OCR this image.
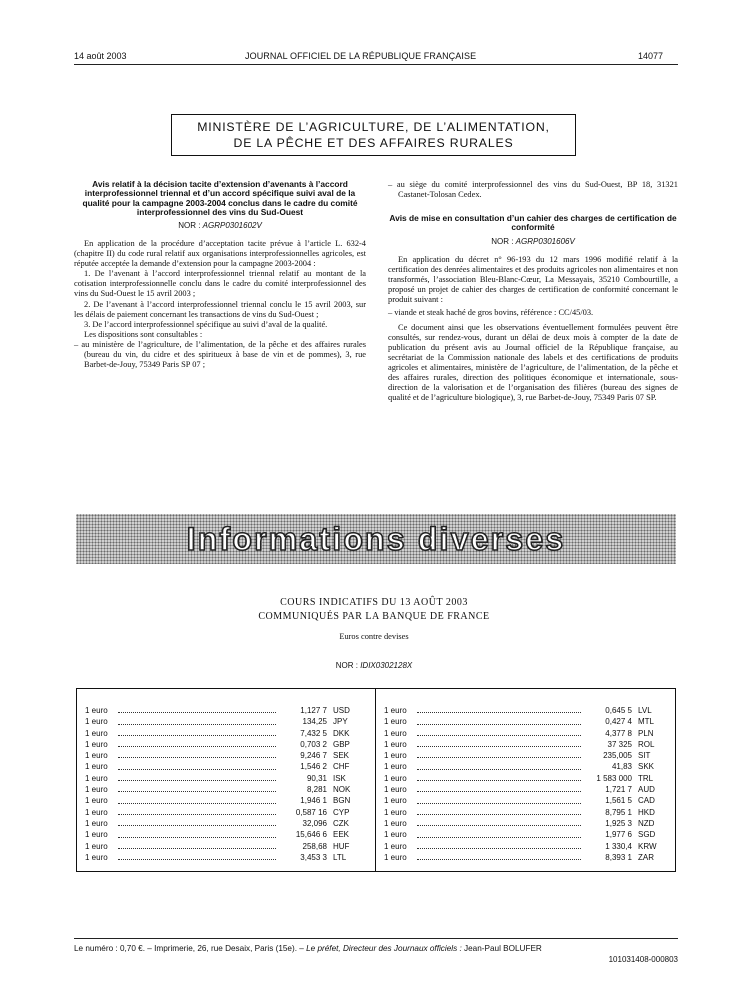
14 août 2003	JOURNAL OFFICIEL DE LA RÉPUBLIQUE FRANÇAISE	14077
MINISTÈRE DE L’AGRICULTURE, DE L’ALIMENTATION,
DE LA PÊCHE ET DES AFFAIRES RURALES
Avis relatif à la décision tacite d’extension d’avenants à l’accord interprofessionnel triennal et d’un accord spécifique suivi aval de la qualité pour la campagne 2003-2004 conclus dans le cadre du comité interprofessionnel des vins du Sud-Ouest
NOR : AGRP0301602V

En application de la procédure d’acceptation tacite prévue à l’article L. 632-4 (chapitre II) du code rural relatif aux organisations interprofessionnelles agricoles, est réputée acceptée la demande d’extension pour la campagne 2003-2004 :

1. De l’avenant à l’accord interprofessionnel triennal relatif au montant de la cotisation interprofessionnelle conclu dans le cadre du comité interprofessionnel des vins du Sud-Ouest le 15 avril 2003 ;

2. De l’avenant à l’accord interprofessionnel triennal conclu le 15 avril 2003, sur les délais de paiement concernant les transactions de vins du Sud-Ouest ;

3. De l’accord interprofessionnel spécifique au suivi d’aval de la qualité.

Les dispositions sont consultables :

– au ministère de l’agriculture, de l’alimentation, de la pêche et des affaires rurales (bureau du vin, du cidre et des spiritueux à base de vin et de pommes), 3, rue Barbet-de-Jouy, 75349 Paris SP 07 ;
– au siège du comité interprofessionnel des vins du Sud-Ouest, BP 18, 31321 Castanet-Tolosan Cedex.
Avis de mise en consultation d’un cahier des charges de certification de conformité
NOR : AGRP0301606V

En application du décret n° 96-193 du 12 mars 1996 modifié relatif à la certification des denrées alimentaires et des produits agricoles non alimentaires et non transformés, l’association Bleu-Blanc-Cœur, La Messayais, 35210 Combourtille, a proposé un projet de cahier des charges de certification de conformité concernant le produit suivant :

– viande et steak haché de gros bovins, référence : CC/45/03.

Ce document ainsi que les observations éventuellement formulées peuvent être consultés, sur rendez-vous, durant un délai de deux mois à compter de la date de publication du présent avis au Journal officiel de la République française, au secrétariat de la Commission nationale des labels et des certifications de produits agricoles et alimentaires, ministère de l’agriculture, de l’alimentation, de la pêche et des affaires rurales, direction des politiques économique et internationale, sous-direction de la valorisation et de l’organisation des filières (bureau des signes de qualité et de l’agriculture biologique), 3, rue Barbet-de-Jouy, 75349 Paris 07 SP.

Informations diverses
COURS INDICATIFS DU 13 AOÛT 2003
COMMUNIQUÉS PAR LA BANQUE DE FRANCE
Euros contre devises
NOR : IDIX0302128X
1 euro	1,127 7 USD
1 euro	134,25 JPY
1 euro	7,432 5 DKK
1 euro	0,703 2 GBP
1 euro	9,246 7 SEK
1 euro	1,546 2 CHF
1 euro	90,31 ISK
1 euro	8,281 NOK
1 euro	1,946 1 BGN
1 euro	0,587 16 CYP
1 euro	32,096 CZK
1 euro	15,646 6 EEK
1 euro	258,68 HUF
1 euro	3,453 3 LTL
1 euro	0,645 5 LVL
1 euro	0,427 4 MTL
1 euro	4,377 8 PLN
1 euro	37 325 ROL
1 euro	235,005 SIT
1 euro	41,83 SKK
1 euro	1 583 000 TRL
1 euro	1,721 7 AUD
1 euro	1,561 5 CAD
1 euro	8,795 1 HKD
1 euro	1,925 3 NZD
1 euro	1,977 6 SGD
1 euro	1 330,4 KRW
1 euro	8,393 1 ZAR
Le numéro : 0,70 €. – Imprimerie, 26, rue Desaix, Paris (15e). – Le préfet, Directeur des Journaux officiels : Jean-Paul BOLUFER
101031408-000803
